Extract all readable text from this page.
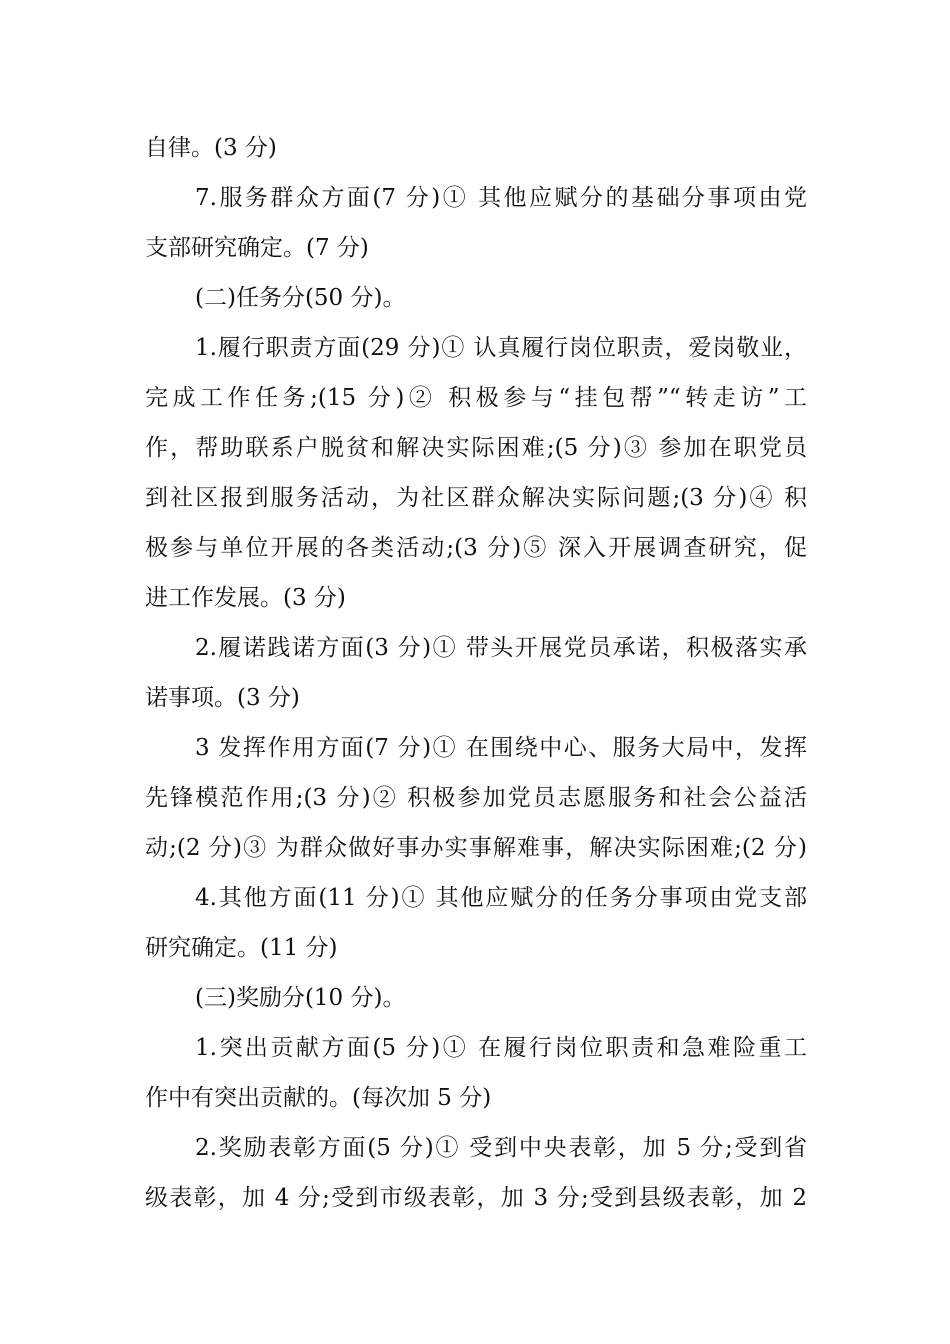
自律。(3 分)
7.服务群众方面(7 分)① 其他应赋分的基础分事项由党
支部研究确定。(7 分)
(二)任务分(50 分)。
1.履行职责方面(29 分)① 认真履行岗位职责，爱岗敬业，
完成工作任务;(15 分)② 积极参与“挂包帮”“转走访”工
作，帮助联系户脱贫和解决实际困难;(5 分)③ 参加在职党员
到社区报到服务活动，为社区群众解决实际问题;(3 分)④ 积
极参与单位开展的各类活动;(3 分)⑤ 深入开展调查研究，促
进工作发展。(3 分)
2.履诺践诺方面(3 分)① 带头开展党员承诺，积极落实承
诺事项。(3 分)
3 发挥作用方面(7 分)① 在围绕中心、服务大局中，发挥
先锋模范作用;(3 分)② 积极参加党员志愿服务和社会公益活
动;(2 分)③ 为群众做好事办实事解难事，解决实际困难;(2 分)
4.其他方面(11 分)① 其他应赋分的任务分事项由党支部
研究确定。(11 分)
(三)奖励分(10 分)。
1.突出贡献方面(5 分)① 在履行岗位职责和急难险重工
作中有突出贡献的。(每次加 5 分)
2.奖励表彰方面(5 分)① 受到中央表彰，加 5 分;受到省
级表彰，加 4 分;受到市级表彰，加 3 分;受到县级表彰，加 2
